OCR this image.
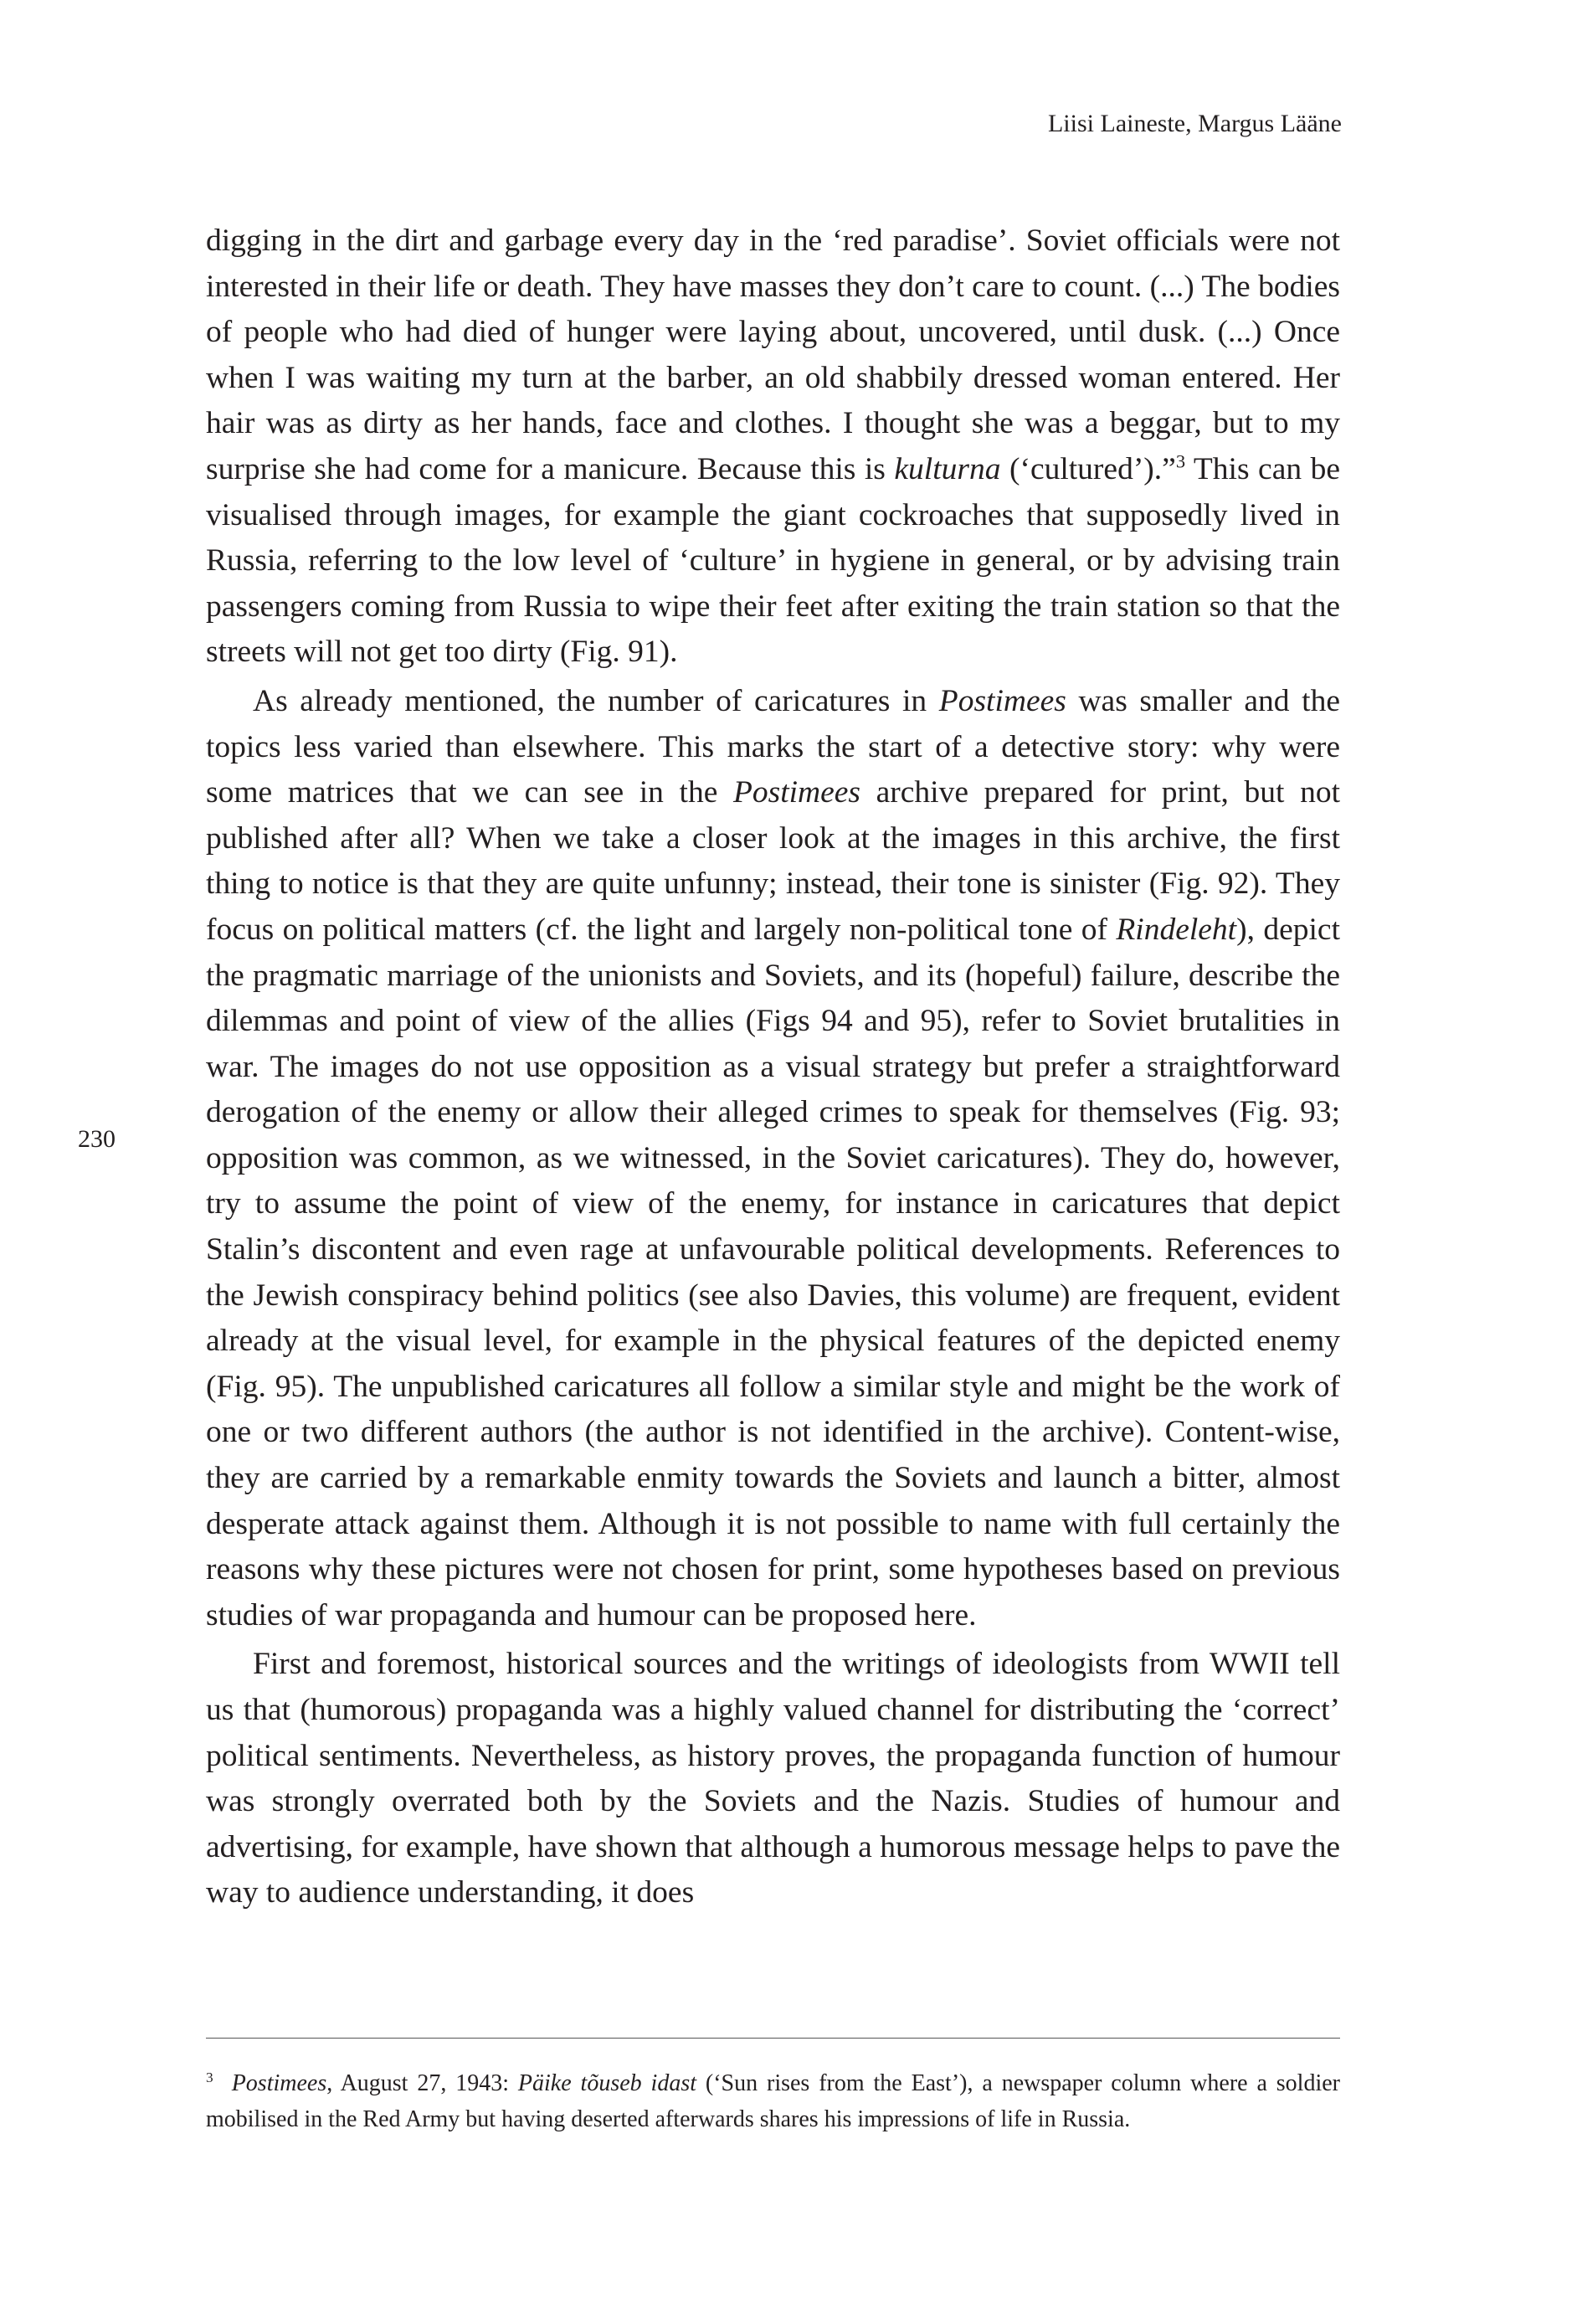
Liisi Laineste, Margus Lääne
230

digging in the dirt and garbage every day in the ‘red paradise’. Soviet officials were not interested in their life or death. They have masses they don’t care to count. (...) The bodies of people who had died of hunger were laying about, uncovered, until dusk. (...) Once when I was waiting my turn at the barber, an old shabbily dressed woman entered. Her hair was as dirty as her hands, face and clothes. I thought she was a beggar, but to my surprise she had come for a manicure. Because this is kulturna (‘cultured’).”$^3$ This can be visualised through images, for example the giant cockroaches that supposedly lived in Russia, referring to the low level of ‘culture’ in hygiene in general, or by advising train passengers coming from Russia to wipe their feet after exiting the train station so that the streets will not get too dirty (Fig. 91).

As already mentioned, the number of caricatures in Postimees was smaller and the topics less varied than elsewhere. This marks the start of a detective story: why were some matrices that we can see in the Postimees archive prepared for print, but not published after all? When we take a closer look at the images in this archive, the first thing to notice is that they are quite unfunny; instead, their tone is sinister (Fig. 92). They focus on political matters (cf. the light and largely non-political tone of Rindeleht), depict the pragmatic marriage of the unionists and Soviets, and its (hopeful) failure, describe the dilemmas and point of view of the allies (Figs 94 and 95), refer to Soviet brutalities in war. The images do not use opposition as a visual strategy but prefer a straightforward derogation of the enemy or allow their alleged crimes to speak for themselves (Fig. 93; opposition was common, as we witnessed, in the Soviet caricatures). They do, however, try to assume the point of view of the enemy, for instance in caricatures that depict Stalin’s discontent and even rage at unfavourable political developments. References to the Jewish conspiracy behind politics (see also Davies, this volume) are frequent, evident already at the visual level, for example in the physical features of the depicted enemy (Fig. 95). The unpublished caricatures all follow a similar style and might be the work of one or two different authors (the author is not identified in the archive). Content-wise, they are carried by a remarkable enmity towards the Soviets and launch a bitter, almost desperate attack against them. Although it is not possible to name with full certainly the reasons why these pictures were not chosen for print, some hypotheses based on previous studies of war propaganda and humour can be proposed here.

First and foremost, historical sources and the writings of ideologists from WWII tell us that (humorous) propaganda was a highly valued channel for distributing the ‘correct’ political sentiments. Nevertheless, as history proves, the propaganda function of humour was strongly overrated both by the Soviets and the Nazis. Studies of humour and advertising, for example, have shown that although a humorous message helps to pave the way to audience understanding, it does

$^3$ Postimees, August 27, 1943: Päike tõuseb idast (‘Sun rises from the East’), a newspaper column where a soldier mobilised in the Red Army but having deserted afterwards shares his impressions of life in Russia.
